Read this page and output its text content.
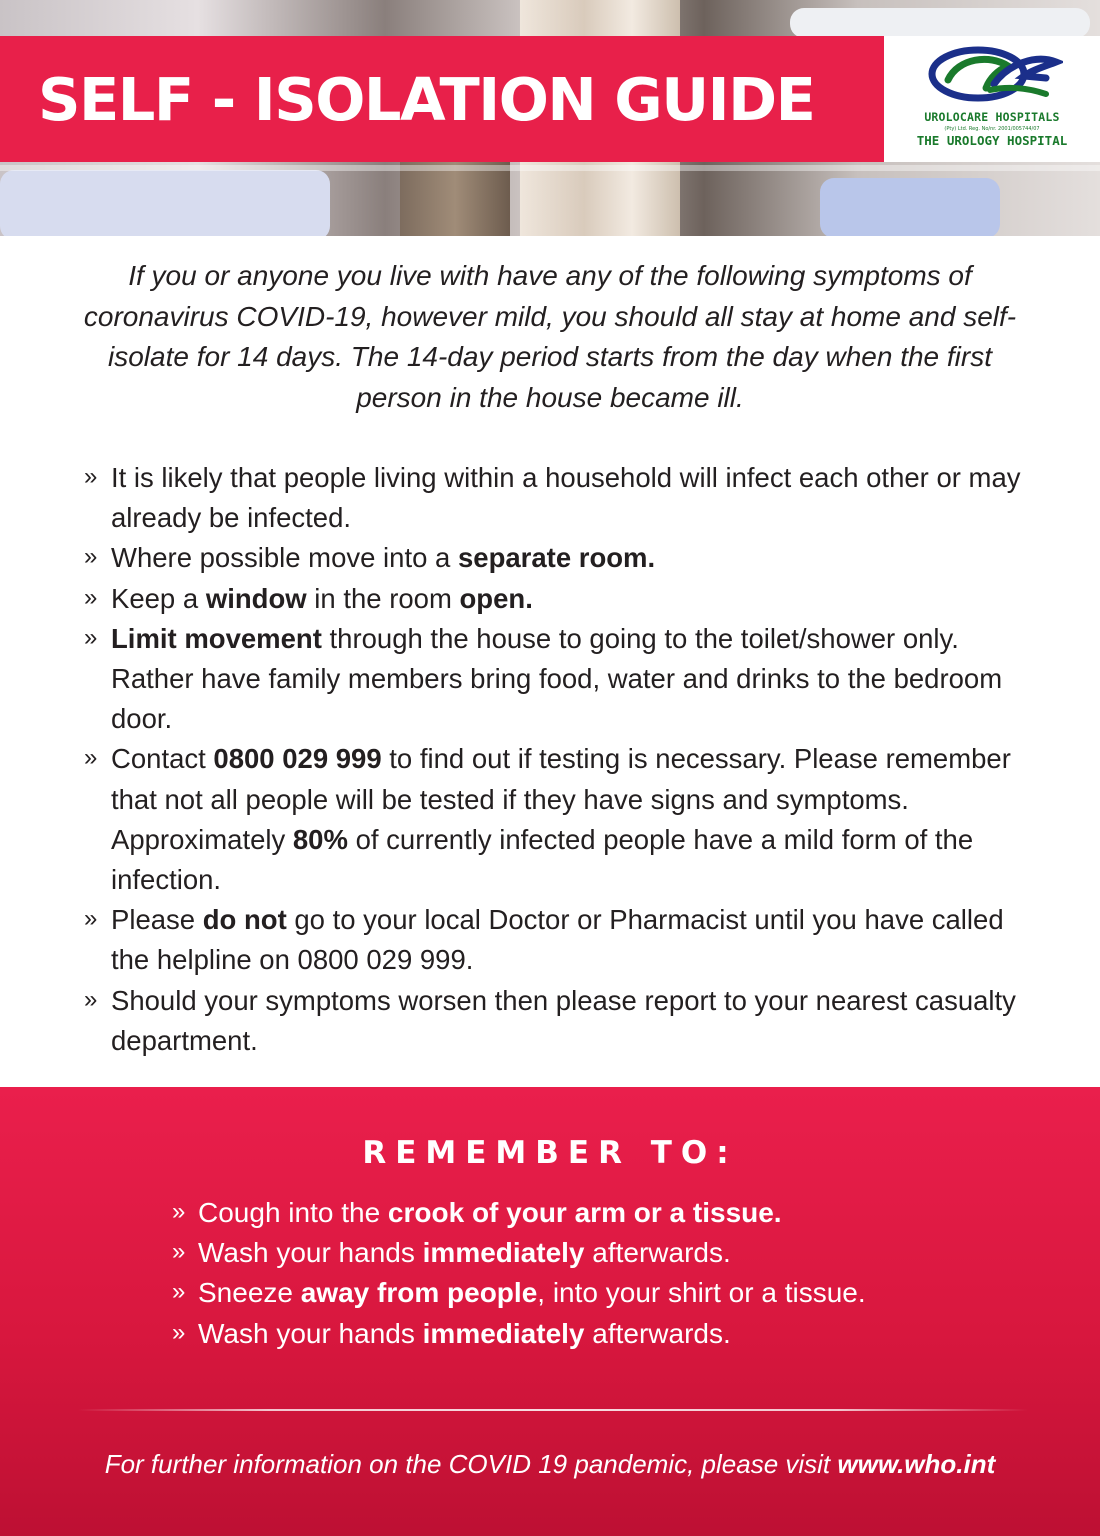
SELF - ISOLATION GUIDE	UROLOCARE HOSPITALS
(Pty) Ltd. Reg. No/nr. 2001/005744/07
THE UROLOGY HOSPITAL

If you or anyone you live with have any of the following symptoms of coronavirus COVID-19, however mild, you should all stay at home and self-isolate for 14 days. The 14-day period starts from the day when the first person in the house became ill.

» It is likely that people living within a household will infect each other or may already be infected.
» Where possible move into a separate room.
» Keep a window in the room open.
» Limit movement through the house to going to the toilet/shower only. Rather have family members bring food, water and drinks to the bedroom door.
» Contact 0800 029 999 to find out if testing is necessary. Please remember that not all people will be tested if they have signs and symptoms. Approximately 80% of currently infected people have a mild form of the infection.
» Please do not go to your local Doctor or Pharmacist until you have called the helpline on 0800 029 999.
» Should your symptoms worsen then please report to your nearest casualty department.
REMEMBER TO:
» Cough into the crook of your arm or a tissue.
» Wash your hands immediately afterwards.
» Sneeze away from people, into your shirt or a tissue.
» Wash your hands immediately afterwards.

For further information on the COVID 19 pandemic, please visit www.who.int
